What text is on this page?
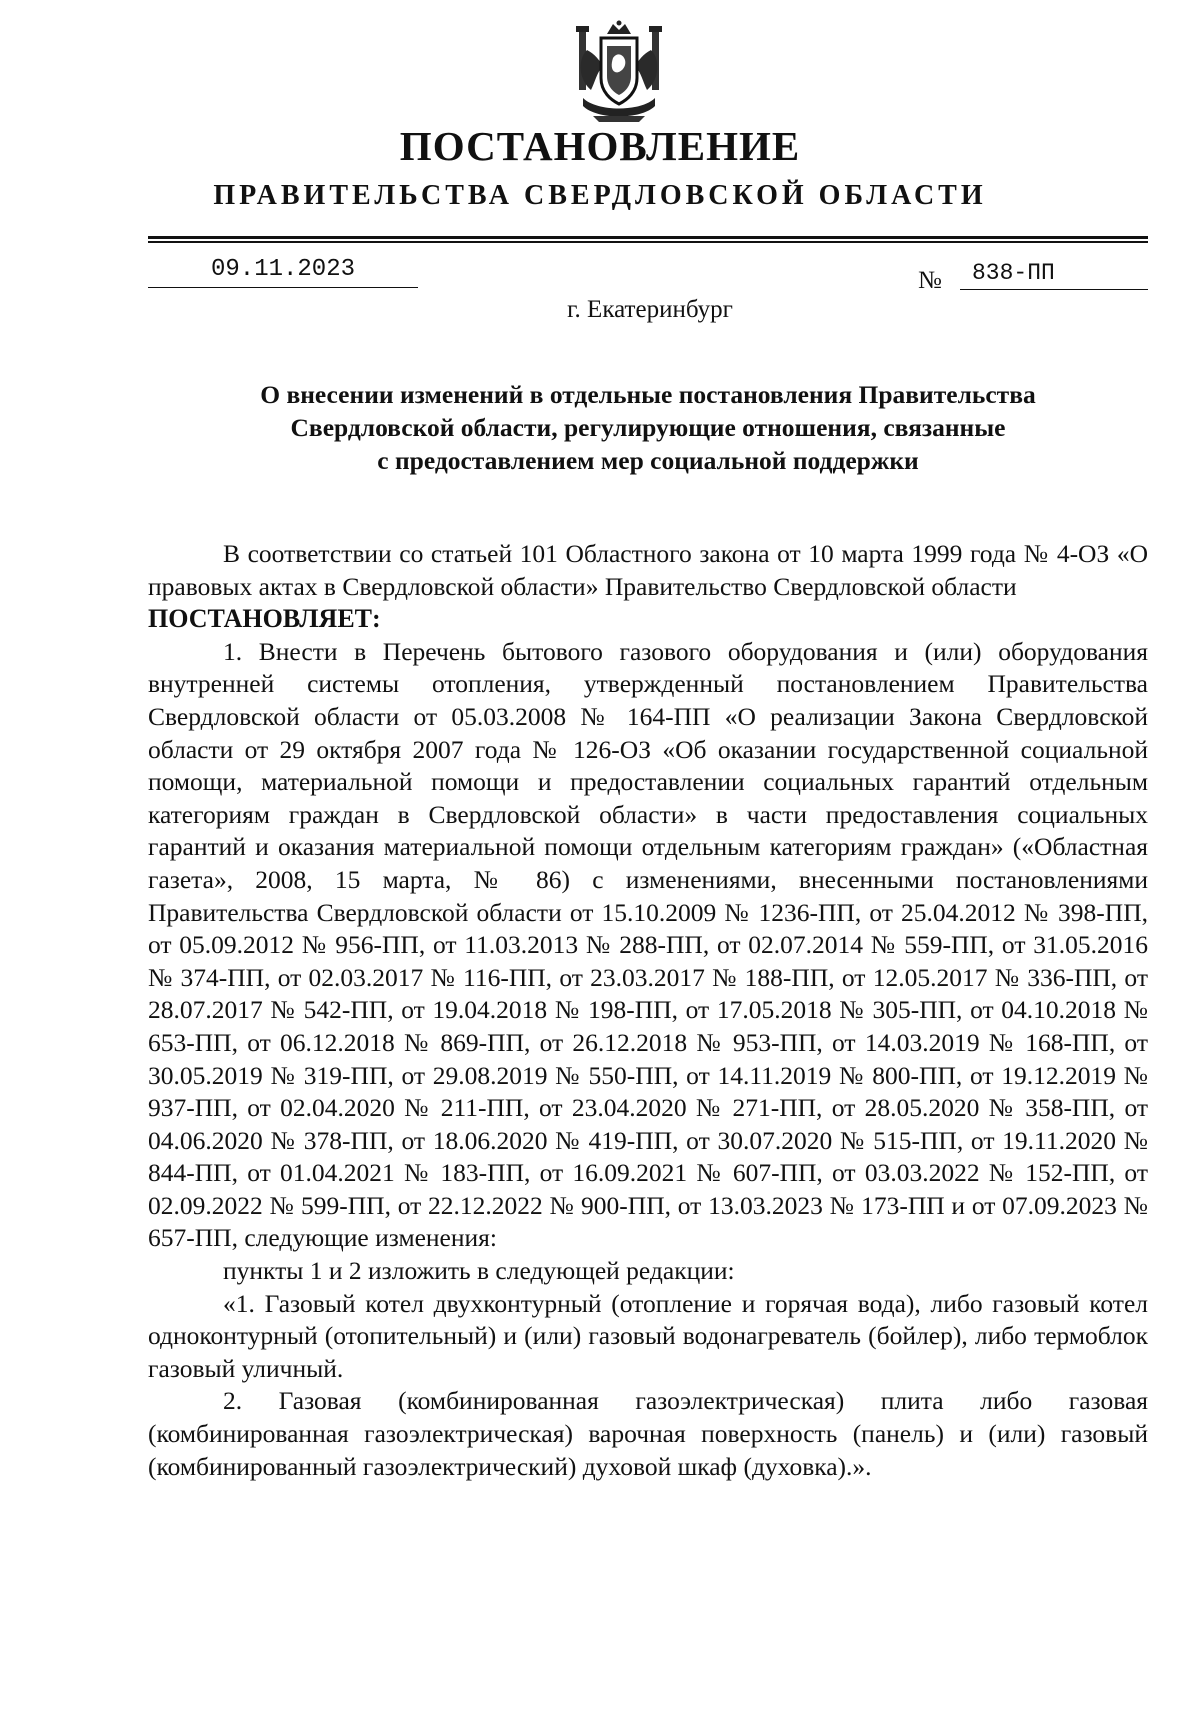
ПОСТАНОВЛЕНИЕ
ПРАВИТЕЛЬСТВА СВЕРДЛОВСКОЙ ОБЛАСТИ
09.11.2023	№	838-ПП

г. Екатеринбург

О внесении изменений в отдельные постановления Правительства
Свердловской области, регулирующие отношения, связанные
с предоставлением мер социальной поддержки

В соответствии со статьей 101 Областного закона от 10 марта 1999 года № 4-ОЗ «О правовых актах в Свердловской области» Правительство Свердловской области

ПОСТАНОВЛЯЕТ:

1. Внести в Перечень бытового газового оборудования и (или) оборудования внутренней системы отопления, утвержденный постановлением Правительства Свердловской области от 05.03.2008 № 164-ПП «О реализации Закона Свердловской области от 29 октября 2007 года № 126-ОЗ «Об оказании государственной социальной помощи, материальной помощи и предоставлении социальных гарантий отдельным категориям граждан в Свердловской области» в части предоставления социальных гарантий и оказания материальной помощи отдельным категориям граждан» («Областная газета», 2008, 15 марта, № 86) с изменениями, внесенными постановлениями Правительства Свердловской области от 15.10.2009 № 1236-ПП, от 25.04.2012 № 398-ПП, от 05.09.2012 № 956-ПП, от 11.03.2013 № 288-ПП, от 02.07.2014 № 559-ПП, от 31.05.2016 № 374-ПП, от 02.03.2017 № 116-ПП, от 23.03.2017 № 188-ПП, от 12.05.2017 № 336-ПП, от 28.07.2017 № 542-ПП, от 19.04.2018 № 198-ПП, от 17.05.2018 № 305-ПП, от 04.10.2018 № 653-ПП, от 06.12.2018 № 869-ПП, от 26.12.2018 № 953-ПП, от 14.03.2019 № 168-ПП, от 30.05.2019 № 319-ПП, от 29.08.2019 № 550-ПП, от 14.11.2019 № 800-ПП, от 19.12.2019 № 937-ПП, от 02.04.2020 № 211-ПП, от 23.04.2020 № 271-ПП, от 28.05.2020 № 358-ПП, от 04.06.2020 № 378-ПП, от 18.06.2020 № 419-ПП, от 30.07.2020 № 515-ПП, от 19.11.2020 № 844-ПП, от 01.04.2021 № 183-ПП, от 16.09.2021 № 607-ПП, от 03.03.2022 № 152-ПП, от 02.09.2022 № 599-ПП, от 22.12.2022 № 900-ПП, от 13.03.2023 № 173-ПП и от 07.09.2023 № 657-ПП, следующие изменения:

пункты 1 и 2 изложить в следующей редакции:

«1. Газовый котел двухконтурный (отопление и горячая вода), либо газовый котел одноконтурный (отопительный) и (или) газовый водонагреватель (бойлер), либо термоблок газовый уличный.

2. Газовая (комбинированная газоэлектрическая) плита либо газовая (комбинированная газоэлектрическая) варочная поверхность (панель) и (или) газовый (комбинированный газоэлектрический) духовой шкаф (духовка).».
